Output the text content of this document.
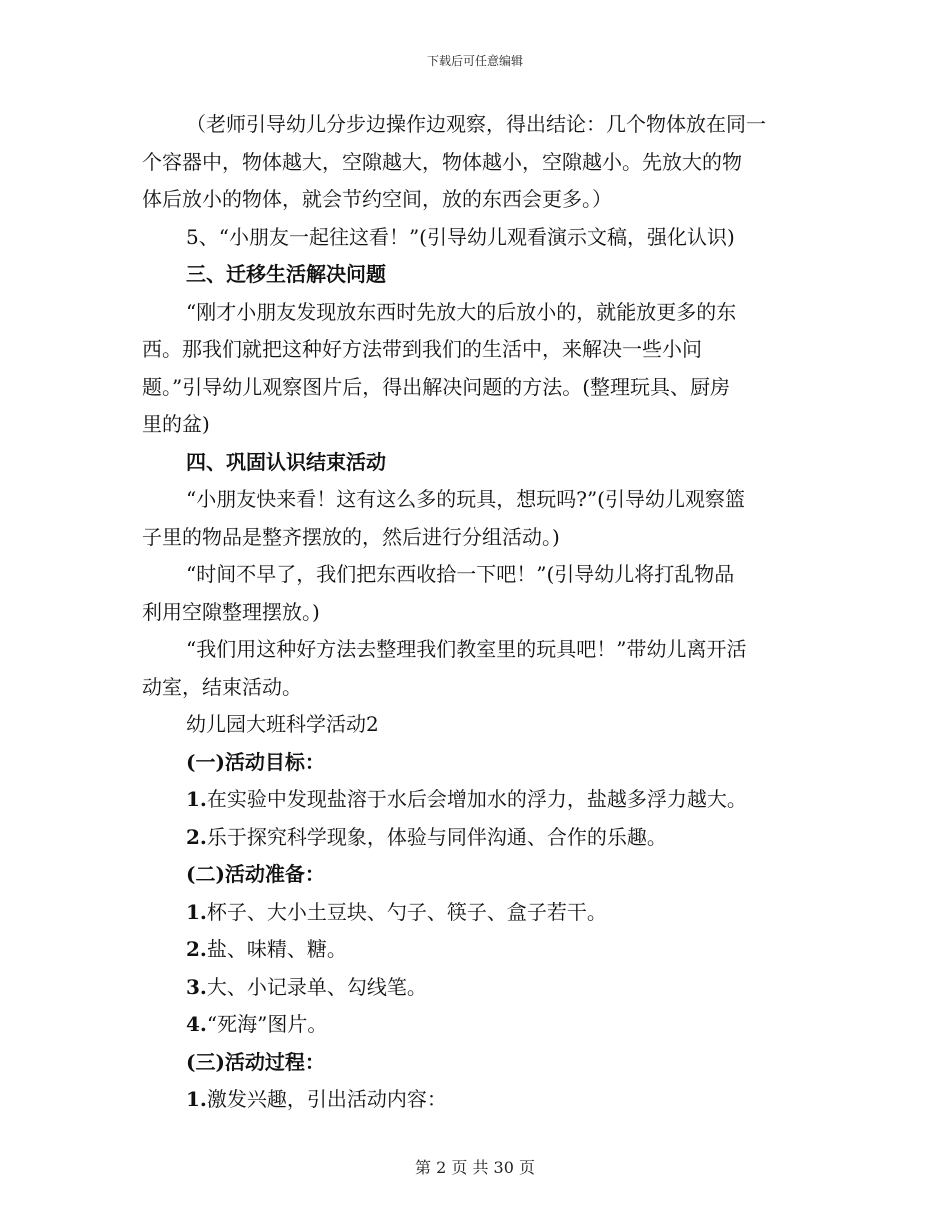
下载后可任意编辑
（老师引导幼儿分步边操作边观察，得出结论：几个物体放在同一
个容器中，物体越大，空隙越大，物体越小，空隙越小。先放大的物
体后放小的物体，就会节约空间，放的东西会更多。）
5、“小朋友一起往这看！”(引导幼儿观看演示文稿，强化认识)
三、迁移生活解决问题
“刚才小朋友发现放东西时先放大的后放小的，就能放更多的东
西。那我们就把这种好方法带到我们的生活中，来解决一些小问
题。”引导幼儿观察图片后，得出解决问题的方法。(整理玩具、厨房
里的盆)
四、巩固认识结束活动
“小朋友快来看！这有这么多的玩具，想玩吗?”(引导幼儿观察篮
子里的物品是整齐摆放的，然后进行分组活动。)
“时间不早了，我们把东西收拾一下吧！”(引导幼儿将打乱物品
利用空隙整理摆放。)
“我们用这种好方法去整理我们教室里的玩具吧！”带幼儿离开活
动室，结束活动。
幼儿园大班科学活动2
(一)活动目标：
1.在实验中发现盐溶于水后会增加水的浮力，盐越多浮力越大。
2.乐于探究科学现象，体验与同伴沟通、合作的乐趣。
(二)活动准备：
1.杯子、大小土豆块、勺子、筷子、盒子若干。
2.盐、味精、糖。
3.大、小记录单、勾线笔。
4.“死海”图片。
(三)活动过程：
1.激发兴趣，引出活动内容：
第 2 页 共 30 页
